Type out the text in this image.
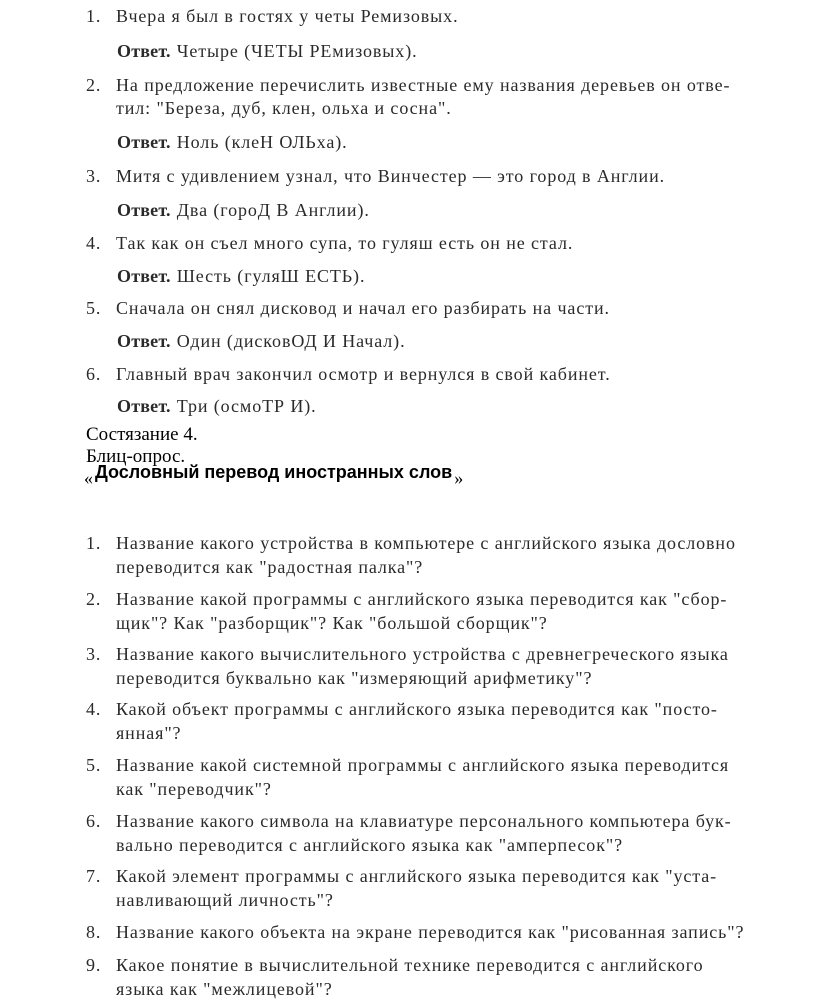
1. Вчера я был в гостях у четы Ремизовых.
Ответ. Четыре (ЧЕТЫ РЕмизовых).
2. На предложение перечислить известные ему названия деревьев он отве-
тил: "Береза, дуб, клен, ольха и сосна".
Ответ. Ноль (клеН ОЛЬха).
3. Митя с удивлением узнал, что Винчестер — это город в Англии.
Ответ. Два (гороД В Англии).
4. Так как он съел много супа, то гуляш есть он не стал.
Ответ. Шесть (гуляШ ЕСТЬ).
5. Сначала он снял дисковод и начал его разбирать на части.
Ответ. Один (дисковОД И Начал).
6. Главный врач закончил осмотр и вернулся в свой кабинет.
Ответ. Три (осмоТР И).
Состязание 4.
Блиц-опрос.
« Дословный перевод иностранных слов »
1. Название какого устройства в компьютере с английского языка дословно
переводится как "радостная палка"?
2. Название какой программы с английского языка переводится как "сбор-
щик"? Как "разборщик"? Как "большой сборщик"?
3. Название какого вычислительного устройства с древнегреческого языка
переводится буквально как "измеряющий арифметику"?
4. Какой объект программы с английского языка переводится как "посто-
янная"?
5. Название какой системной программы с английского языка переводится
как "переводчик"?
6. Название какого символа на клавиатуре персонального компьютера бук-
вально переводится с английского языка как "амперпесок"?
7. Какой элемент программы с английского языка переводится как "уста-
навливающий личность"?
8. Название какого объекта на экране переводится как "рисованная запись"?
9. Какое понятие в вычислительной технике переводится с английского
языка как "межлицевой"?
